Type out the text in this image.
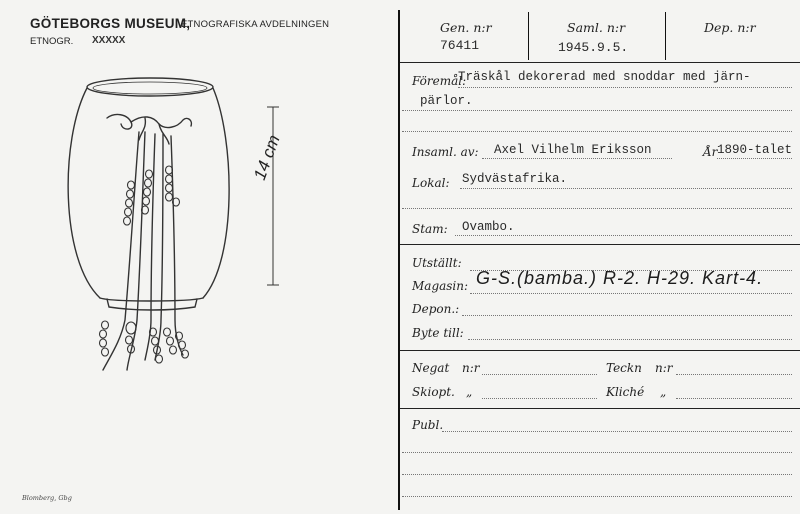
GÖTEBORGS MUSEUM,
ETNOGRAFISKA AVDELNINGEN
ETNOGR. XXXXX
14 cm
Blomberg, Gbg
Gen. n:r
76411
Saml. n:r
1945.9.5.
Dep. n:r
Föremål:
Träskål dekorerad med snoddar med järn-
pärlor.
Insaml. av: Axel Vilhelm Eriksson	År 1890-talet
Lokal: Sydvästafrika.
Stam: Ovambo.
Utställt:
Magasin: G-S.(bamba.) R-2. H-29. Kart-4.
Depon.:
Byte till:
Negat n:r	Teckn n:r
Skiopt. „	Kliché „
Publ.
